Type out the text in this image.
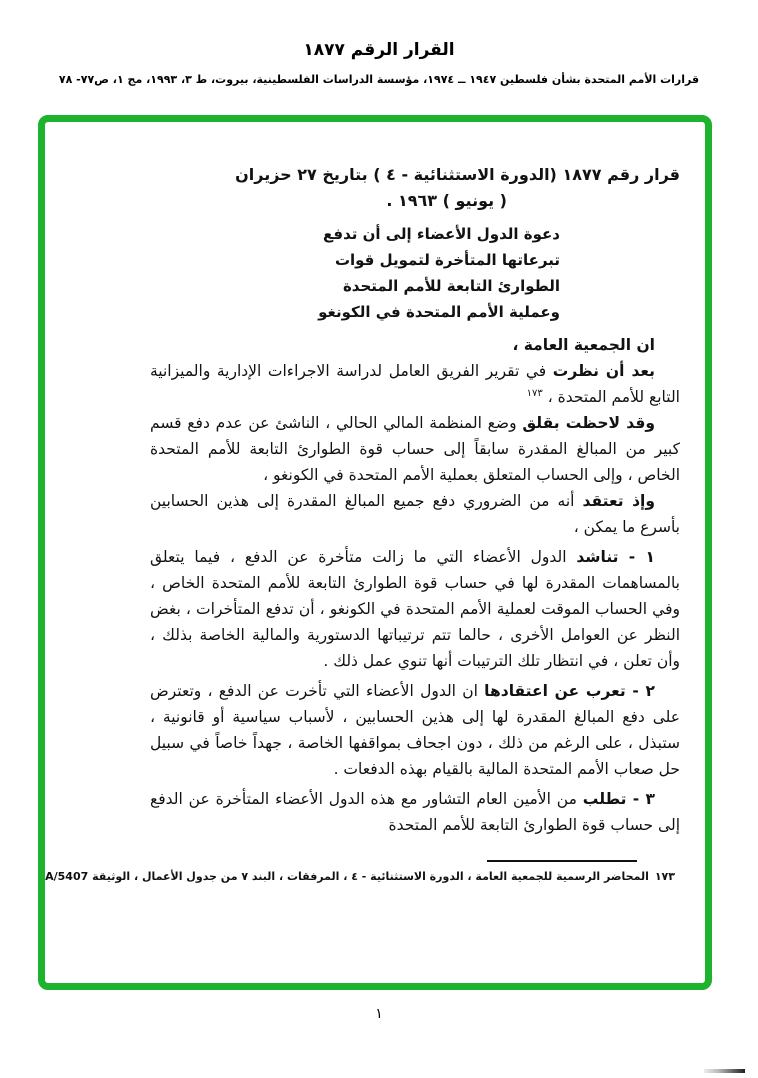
القرار الرقم ١٨٧٧
قرارات الأمم المتحدة بشأن فلسطين ١٩٤٧ ــ ١٩٧٤، مؤسسة الدراسات الفلسطينية، بيروت، ط ٣، ١٩٩٣، مج ١، ص٧٧- ٧٨
قرار رقم ١٨٧٧ (الدورة الاستثنائية - ٤ ) بتاريخ ٢٧ حزيران
( يونيو ) ١٩٦٣ .
دعوة الدول الأعضاء إلى أن تدفع
تبرعاتها المتأخرة لتمويل قوات
الطوارئ التابعة للأمم المتحدة
وعملية الأمم المتحدة في الكونغو

ان الجمعية العامة ،

بعد أن نظرت في تقرير الفريق العامل لدراسة الاجراءات الإدارية والميزانية التابع للأمم المتحدة ، $^{١٧٣}$

وقد لاحظت بقلق وضع المنظمة المالي الحالي ، الناشئ عن عدم دفع قسم كبير من المبالغ المقدرة سابقاً إلى حساب قوة الطوارئ التابعة للأمم المتحدة الخاص ، وإلى الحساب المتعلق بعملية الأمم المتحدة في الكونغو ،

وإذ تعتقد أنه من الضروري دفع جميع المبالغ المقدرة إلى هذين الحسابين بأسرع ما يمكن ،

١ - تناشد الدول الأعضاء التي ما زالت متأخرة عن الدفع ، فيما يتعلق بالمساهمات المقدرة لها في حساب قوة الطوارئ التابعة للأمم المتحدة الخاص ، وفي الحساب الموقت لعملية الأمم المتحدة في الكونغو ، أن تدفع المتأخرات ، بغض النظر عن العوامل الأخرى ، حالما تتم ترتيباتها الدستورية والمالية الخاصة بذلك ، وأن تعلن ، في انتظار تلك الترتيبات أنها تنوي عمل ذلك .

٢ - تعرب عن اعتقادها ان الدول الأعضاء التي تأخرت عن الدفع ، وتعترض على دفع المبالغ المقدرة لها إلى هذين الحسابين ، لأسباب سياسية أو قانونية ، ستبذل ، على الرغم من ذلك ، دون اجحاف بمواقفها الخاصة ، جهداً خاصاً في سبيل حل صعاب الأمم المتحدة المالية بالقيام بهذه الدفعات .

٣ - تطلب من الأمين العام التشاور مع هذه الدول الأعضاء المتأخرة عن الدفع إلى حساب قوة الطوارئ التابعة للأمم المتحدة

١٧٣المحاضر الرسمية للجمعية العامة ، الدورة الاستثنائية - ٤ ، المرفقات ، البند ٧ من جدول الأعمال ، الوثيقة A/5407
١
